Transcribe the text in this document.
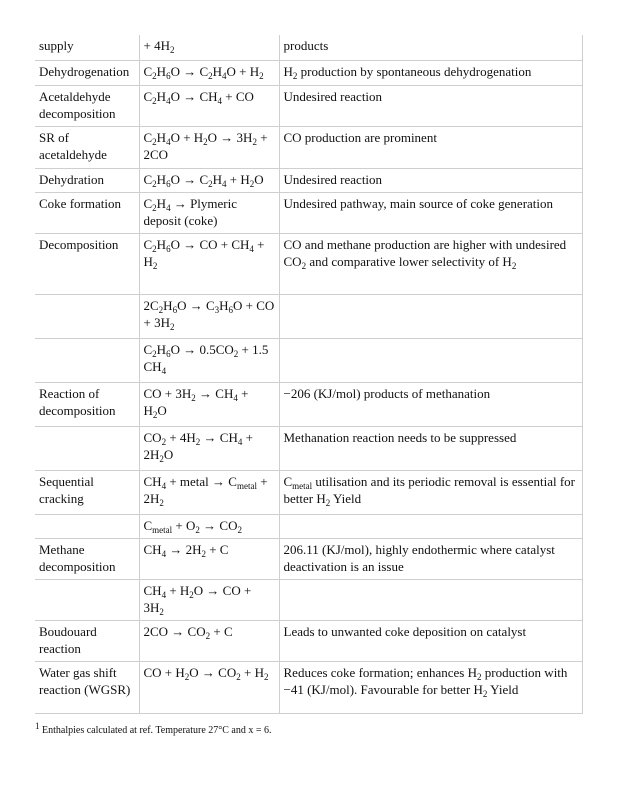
supply	+ $4H_2$	products
Dehydrogenation	$C_2H_6O \to C_2H_4O + H_2$	$H_2$ production by spontaneous dehydrogenation
Acetaldehyde decomposition	$C_2H_4O \to CH_4$ + CO	Undesired reaction
SR of acetaldehyde	$C_2H_4O + H_2O \to 3H_2 + 2CO$	CO production are prominent
Dehydration	$C_2H_6O \to C_2H_4 + H_2O$	Undesired reaction
Coke formation	$C_2H_4$ → Plymeric deposit (coke)	Undesired pathway, main source of coke generation
Decomposition	$C_2H_6O$ → CO + $CH_4 + H_2$	CO and methane production are higher with undesired $CO_2$ and comparative lower selectivity of $H_2$
	$2C_2H_6O \to C_3H_6O$ + CO + $3H_2$	
	$C_2H_6O \to 0.5CO_2 + 1.5$ $CH_4$	
Reaction of decomposition	CO + $3H_2 \to CH_4 + H_2O$	−206 (KJ/mol) products of methanation
	$CO_2 + 4H_2 \to CH_4 + 2H_2O$	Methanation reaction needs to be suppressed
Sequential cracking	$CH_4$ + metal → $C_{metal} + 2H_2$	$C_{metal}$ utilisation and its periodic removal is essential for better $H_2$ Yield
	$C_{metal} + O_2 \to CO_2$	
Methane decomposition	$CH_4 \to 2H_2 + C$	206.11 (KJ/mol), highly endothermic where catalyst deactivation is an issue
	$CH_4 + H_2O$ → CO + $3H_2$	
Boudouard reaction	$2CO \to CO_2 + C$	Leads to unwanted coke deposition on catalyst
Water gas shift reaction (WGSR)	CO + $H_2O \to CO_2 + H_2$	Reduces coke formation; enhances $H_2$ production with −41 (KJ/mol). Favourable for better $H_2$ Yield
$^1$ Enthalpies calculated at ref. Temperature 27°C and x = 6.
